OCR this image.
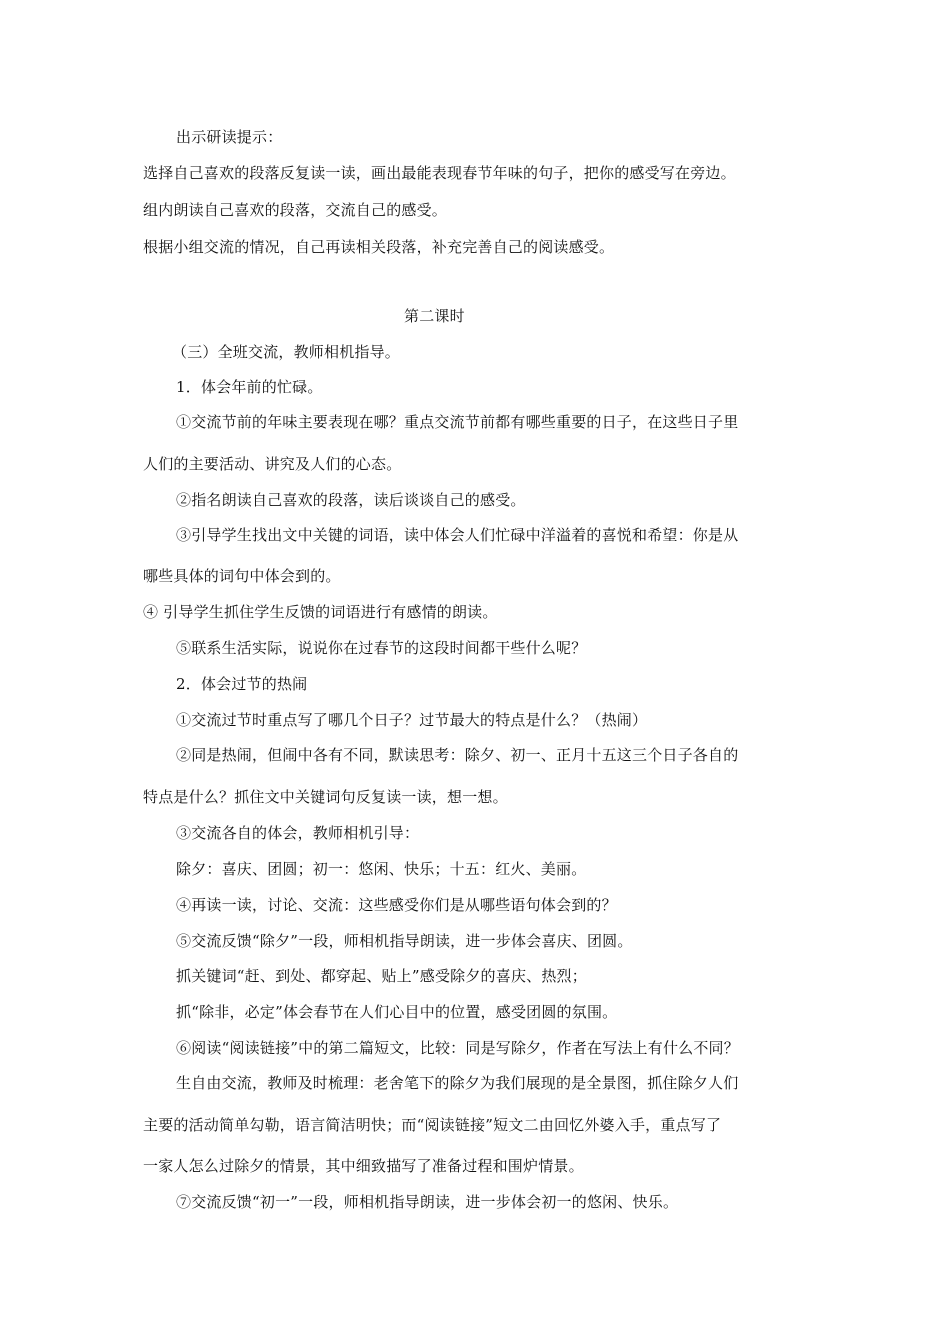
出示研读提示：
选择自己喜欢的段落反复读一读，画出最能表现春节年味的句子，把你的感受写在旁边。
组内朗读自己喜欢的段落，交流自己的感受。
根据小组交流的情况，自己再读相关段落，补充完善自己的阅读感受。
第二课时
（三）全班交流，教师相机指导。
1．体会年前的忙碌。
①交流节前的年味主要表现在哪？重点交流节前都有哪些重要的日子，在这些日子里
人们的主要活动、讲究及人们的心态。
②指名朗读自己喜欢的段落，读后谈谈自己的感受。
③引导学生找出文中关键的词语，读中体会人们忙碌中洋溢着的喜悦和希望：你是从
哪些具体的词句中体会到的。
④ 引导学生抓住学生反馈的词语进行有感情的朗读。
⑤联系生活实际，说说你在过春节的这段时间都干些什么呢？
2．体会过节的热闹
①交流过节时重点写了哪几个日子？过节最大的特点是什么？（热闹）
②同是热闹，但闹中各有不同，默读思考：除夕、初一、正月十五这三个日子各自的
特点是什么？抓住文中关键词句反复读一读，想一想。
③交流各自的体会，教师相机引导：
除夕：喜庆、团圆；初一：悠闲、快乐；十五：红火、美丽。
④再读一读，讨论、交流：这些感受你们是从哪些语句体会到的？
⑤交流反馈“除夕”一段，师相机指导朗读，进一步体会喜庆、团圆。
抓关键词“赶、到处、都穿起、贴上”感受除夕的喜庆、热烈；
抓“除非，必定”体会春节在人们心目中的位置，感受团圆的氛围。
⑥阅读“阅读链接”中的第二篇短文，比较：同是写除夕，作者在写法上有什么不同？
生自由交流，教师及时梳理：老舍笔下的除夕为我们展现的是全景图，抓住除夕人们
主要的活动简单勾勒，语言简洁明快；而“阅读链接”短文二由回忆外婆入手，重点写了
一家人怎么过除夕的情景，其中细致描写了准备过程和围炉情景。
⑦交流反馈“初一”一段，师相机指导朗读，进一步体会初一的悠闲、快乐。
